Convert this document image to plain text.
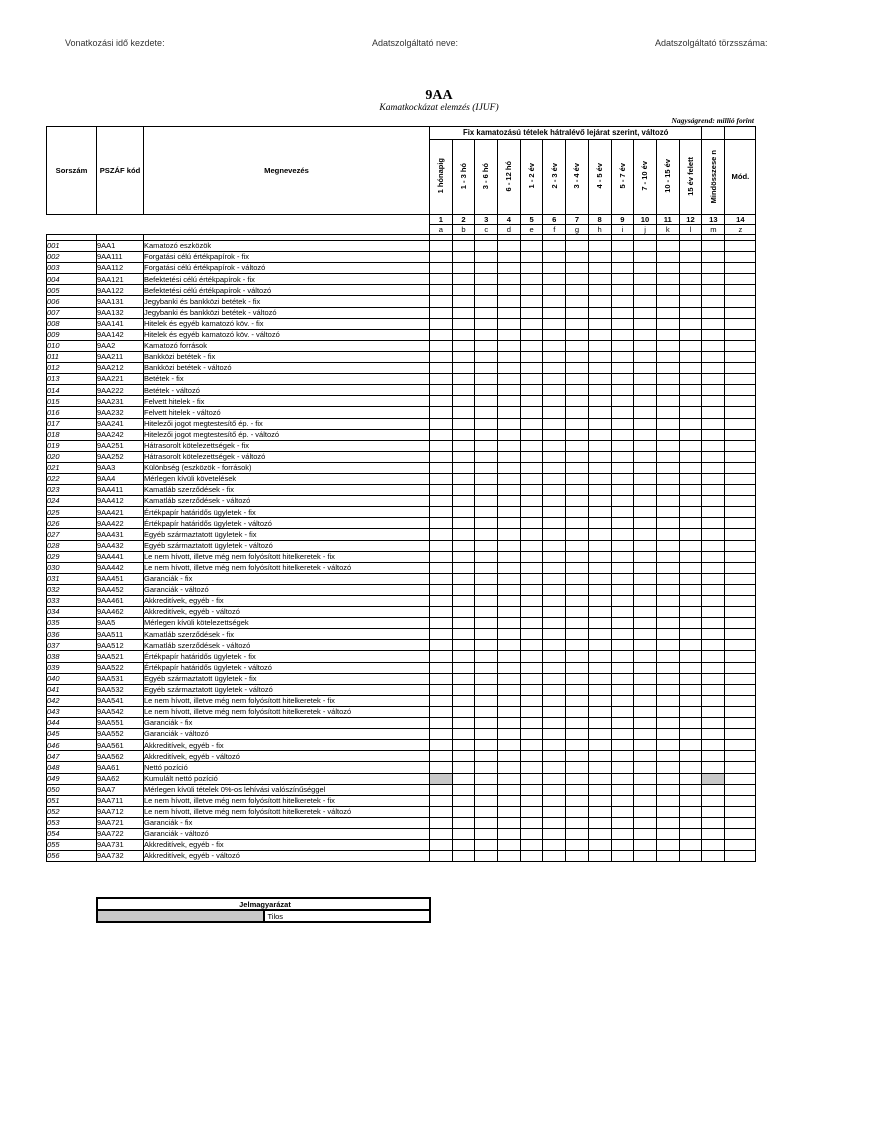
Vonatkozási idő kezdete:	Adatszolgáltató neve:	Adatszolgáltató törzsszáma:
9AA
Kamatkockázat elemzés (IJUF)
Nagyságrend: millió forint
Sorszám	PSZÁF kód	Megnevezés	Fix kamatozású tételek hátralévő lejárat szerint, változó													
			1 hónapig	1 - 3 hó	3 - 6 hó	6 - 12 hó	1 - 2 év	2 - 3 év	3 - 4 év	4 - 5 év	5 - 7 év	7 - 10 év	10 - 15 év	15 év felett	Mindösszese n	Mód.
			1	2	3	4	5	6	7	8	9	10	11	12	13	14
			a	b	c	d	e	f	g	h	i	j	k	l	m	z

001	9AA1	Kamatozó eszközök														
002	9AA111	Forgatási célú értékpapírok - fix														
003	9AA112	Forgatási célú értékpapírok - változó														
004	9AA121	Befektetési célú értékpapírok - fix														
005	9AA122	Befektetési célú értékpapírok - változó														
006	9AA131	Jegybanki és bankközi betétek - fix														
007	9AA132	Jegybanki és bankközi betétek - változó														
008	9AA141	Hitelek és egyéb kamatozó köv. - fix														
009	9AA142	Hitelek és egyéb kamatozó köv. - változó														
010	9AA2	Kamatozó források														
011	9AA211	Bankközi betétek - fix														
012	9AA212	Bankközi betétek - változó														
013	9AA221	Betétek - fix														
014	9AA222	Betétek - változó														
015	9AA231	Felvett hitelek - fix														
016	9AA232	Felvett hitelek - változó														
017	9AA241	Hitelezői jogot megtestesítő ép. - fix														
018	9AA242	Hitelezői jogot megtestesítő ép. - változó														
019	9AA251	Hátrasorolt kötelezettségek - fix														
020	9AA252	Hátrasorolt kötelezettségek - változó														
021	9AA3	Különbség (eszközök - források)														
022	9AA4	Mérlegen kívüli követelések														
023	9AA411	Kamatláb szerződések - fix														
024	9AA412	Kamatláb szerződések - változó														
025	9AA421	Értékpapír határidős ügyletek - fix														
026	9AA422	Értékpapír határidős ügyletek - változó														
027	9AA431	Egyéb származtatott ügyletek - fix														
028	9AA432	Egyéb származtatott ügyletek - változó														
029	9AA441	Le nem hívott, illetve még nem folyósított hitelkeretek - fix														
030	9AA442	Le nem hívott, illetve még nem folyósított hitelkeretek - változó														
031	9AA451	Garanciák - fix														
032	9AA452	Garanciák - változó														
033	9AA461	Akkreditívek, egyéb - fix														
034	9AA462	Akkreditívek, egyéb - változó														
035	9AA5	Mérlegen kívüli kötelezettségek														
036	9AA511	Kamatláb szerződések - fix														
037	9AA512	Kamatláb szerződések - változó														
038	9AA521	Értékpapír határidős ügyletek - fix														
039	9AA522	Értékpapír határidős ügyletek - változó														
040	9AA531	Egyéb származtatott ügyletek - fix														
041	9AA532	Egyéb származtatott ügyletek - változó														
042	9AA541	Le nem hívott, illetve még nem folyósított hitelkeretek - fix														
043	9AA542	Le nem hívott, illetve még nem folyósított hitelkeretek - változó														
044	9AA551	Garanciák - fix														
045	9AA552	Garanciák - változó														
046	9AA561	Akkreditívek, egyéb - fix														
047	9AA562	Akkreditívek, egyéb - változó														
048	9AA61	Nettó pozíció														
049	9AA62	Kumulált nettó pozíció														
050	9AA7	Mérlegen kívüli tételek 0%-os lehívási valószínűséggel														
051	9AA711	Le nem hívott, illetve még nem folyósított hitelkeretek - fix														
052	9AA712	Le nem hívott, illetve még nem folyósított hitelkeretek - változó														
053	9AA721	Garanciák - fix														
054	9AA722	Garanciák - változó														
055	9AA731	Akkreditívek, egyéb - fix														
056	9AA732	Akkreditívek, egyéb - változó														
Jelmagyarázat
	Tilos
